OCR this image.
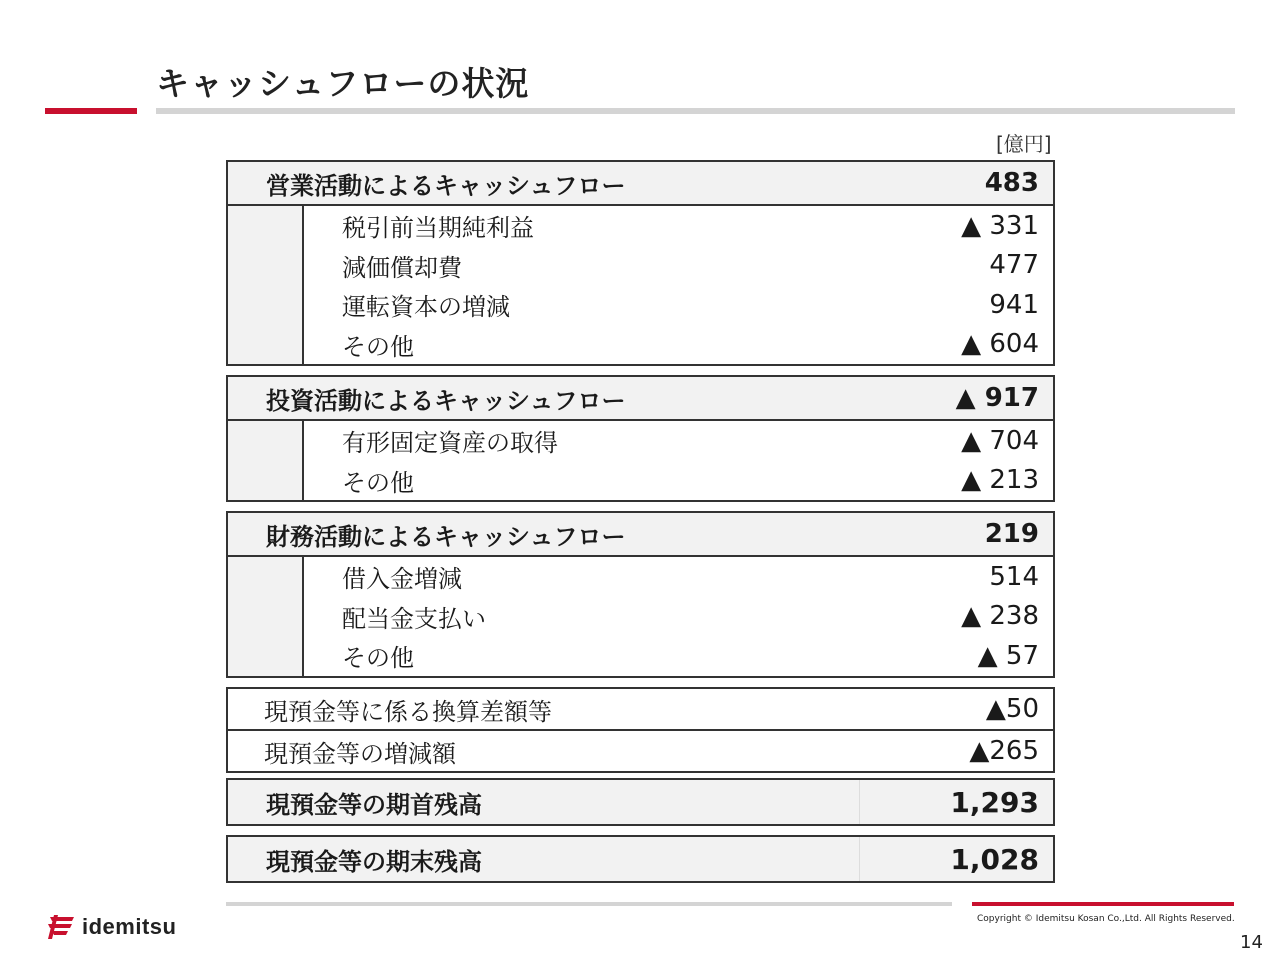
キャッシュフローの状況
[億円]
営業活動によるキャッシュフロー	483
税引前当期純利益	▲ 331
減価償却費	477
運転資本の増減	941
その他	▲ 604
投資活動によるキャッシュフロー	▲ 917
有形固定資産の取得	▲ 704
その他	▲ 213
財務活動によるキャッシュフロー	219
借入金増減	514
配当金支払い	▲ 238
その他	▲ 57
現預金等に係る換算差額等	▲50
現預金等の増減額	▲265
現預金等の期首残高	1,293
現預金等の期末残高	1,028
idemitsu	Copyright © Idemitsu Kosan Co.,Ltd. All Rights Reserved.
14
